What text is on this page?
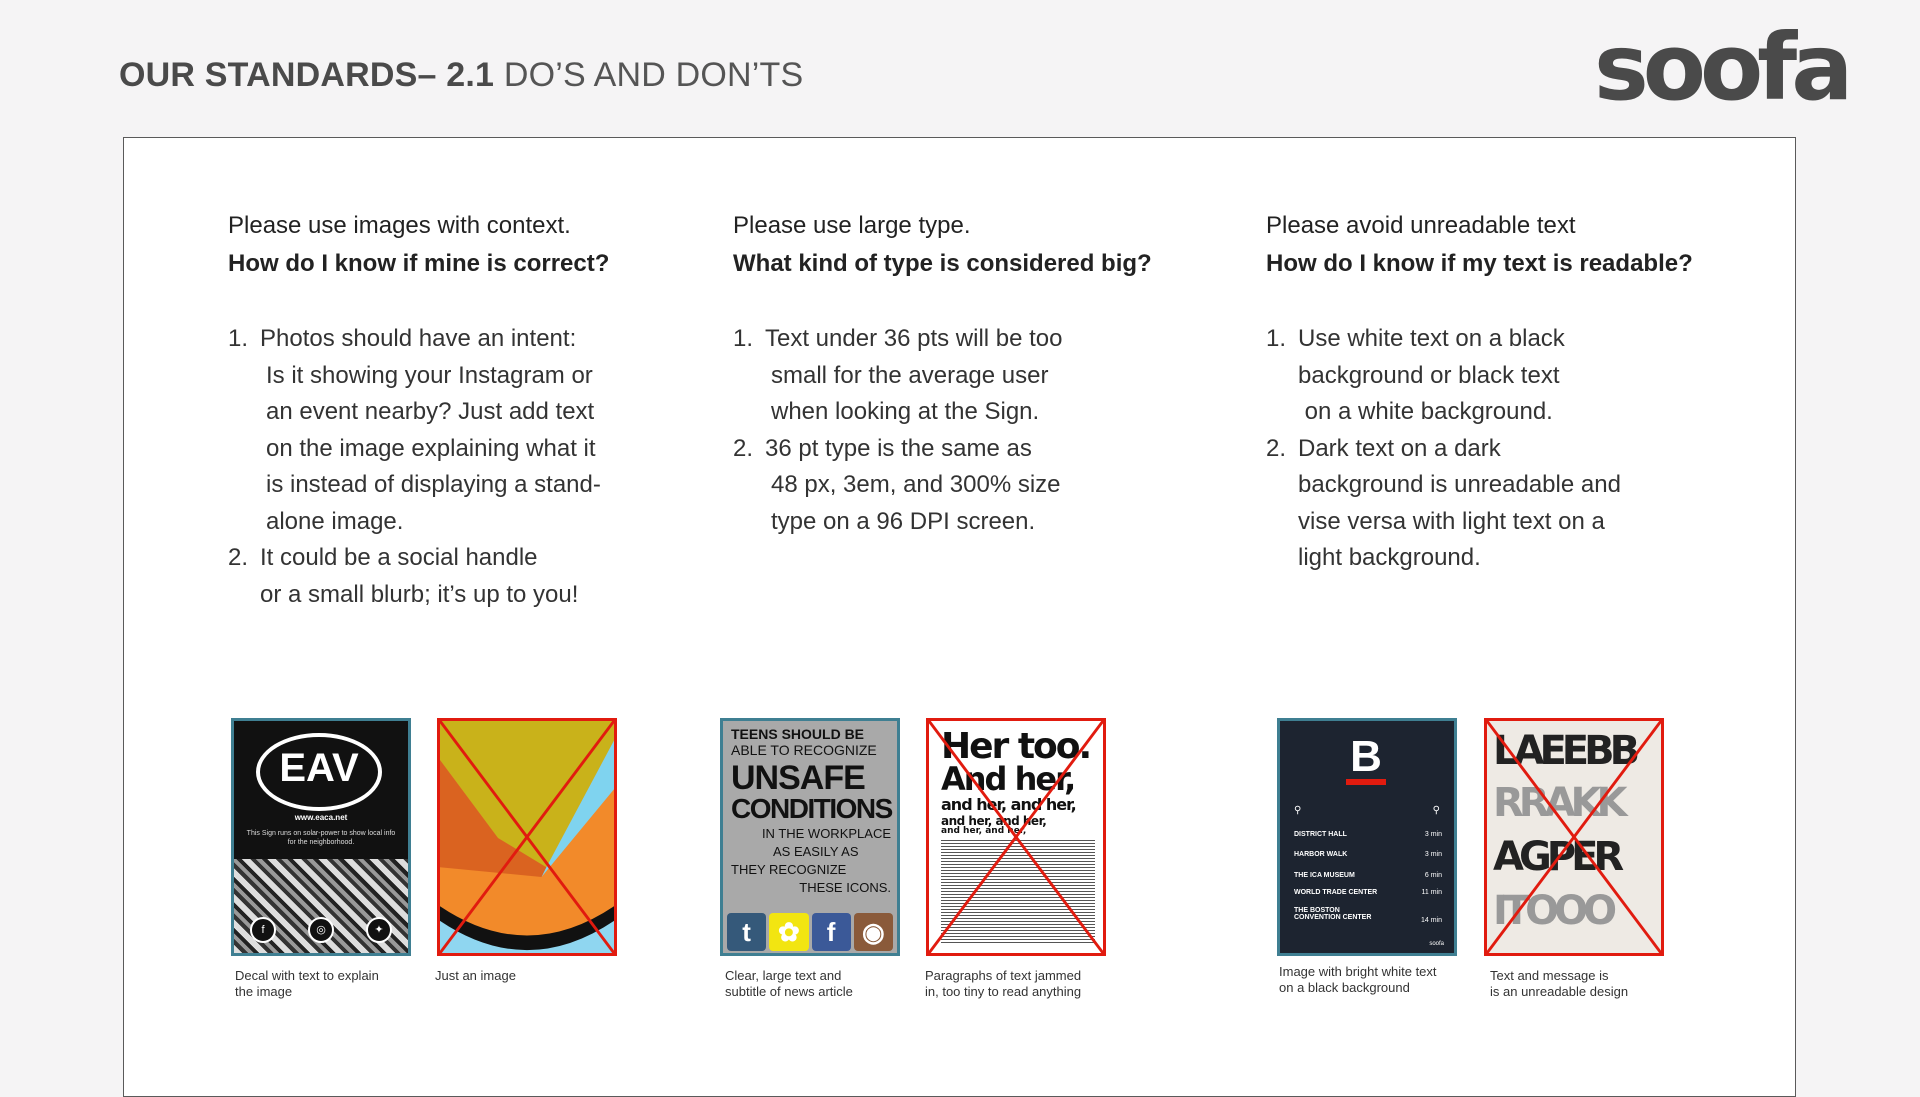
OUR STANDARDS– 2.1 DO’S AND DON’TS	soofa

Please use images with context.

How do I know if mine is correct?

1. Photos should have an intent:
Is it showing your Instagram or
an event nearby? Just add text
on the image explaining what it
is instead of displaying a stand-
alone image.
2. It could be a social handle
or a small blurb; it’s up to you!

Please use large type.

What kind of type is considered big?

1. Text under 36 pts will be too
small for the average user
when looking at the Sign.
2. 36 pt type is the same as
48 px, 3em, and 300% size
type on a 96 DPI screen.

Please avoid unreadable text

How do I know if my text is readable?

1. Use white text on a black
background or black text
on a white background.
2. Dark text on a dark
background is unreadable and
vise versa with light text on a
light background.
EAV
www.eaca.net
This Sign runs on solar-power to show local info for the neighborhood.
f	◎	✦
Decal with text to explain
the image
Just an image
TEENS SHOULD BE
ABLE TO RECOGNIZE
UNSAFE
CONDITIONS
IN THE WORKPLACE
AS EASILY AS
THEY RECOGNIZE
THESE ICONS.
t	✿	f	◉
Clear, large text and
subtitle of news article
Her too.
And her,
and her, and her,
and her, and her,
and her, and her,
Paragraphs of text jammed
in, too tiny to read anything
B
⚲	⚲
DISTRICT HALL	3 min
HARBOR WALK	3 min
THE ICA MUSEUM	6 min
WORLD TRADE CENTER	11 min
THE BOSTON CONVENTION CENTER	14 min
soofa
Image with bright white text
on a black background
LAEEBB
RRAKK
AGPER
ITOOO
Text and message is
is an unreadable design
